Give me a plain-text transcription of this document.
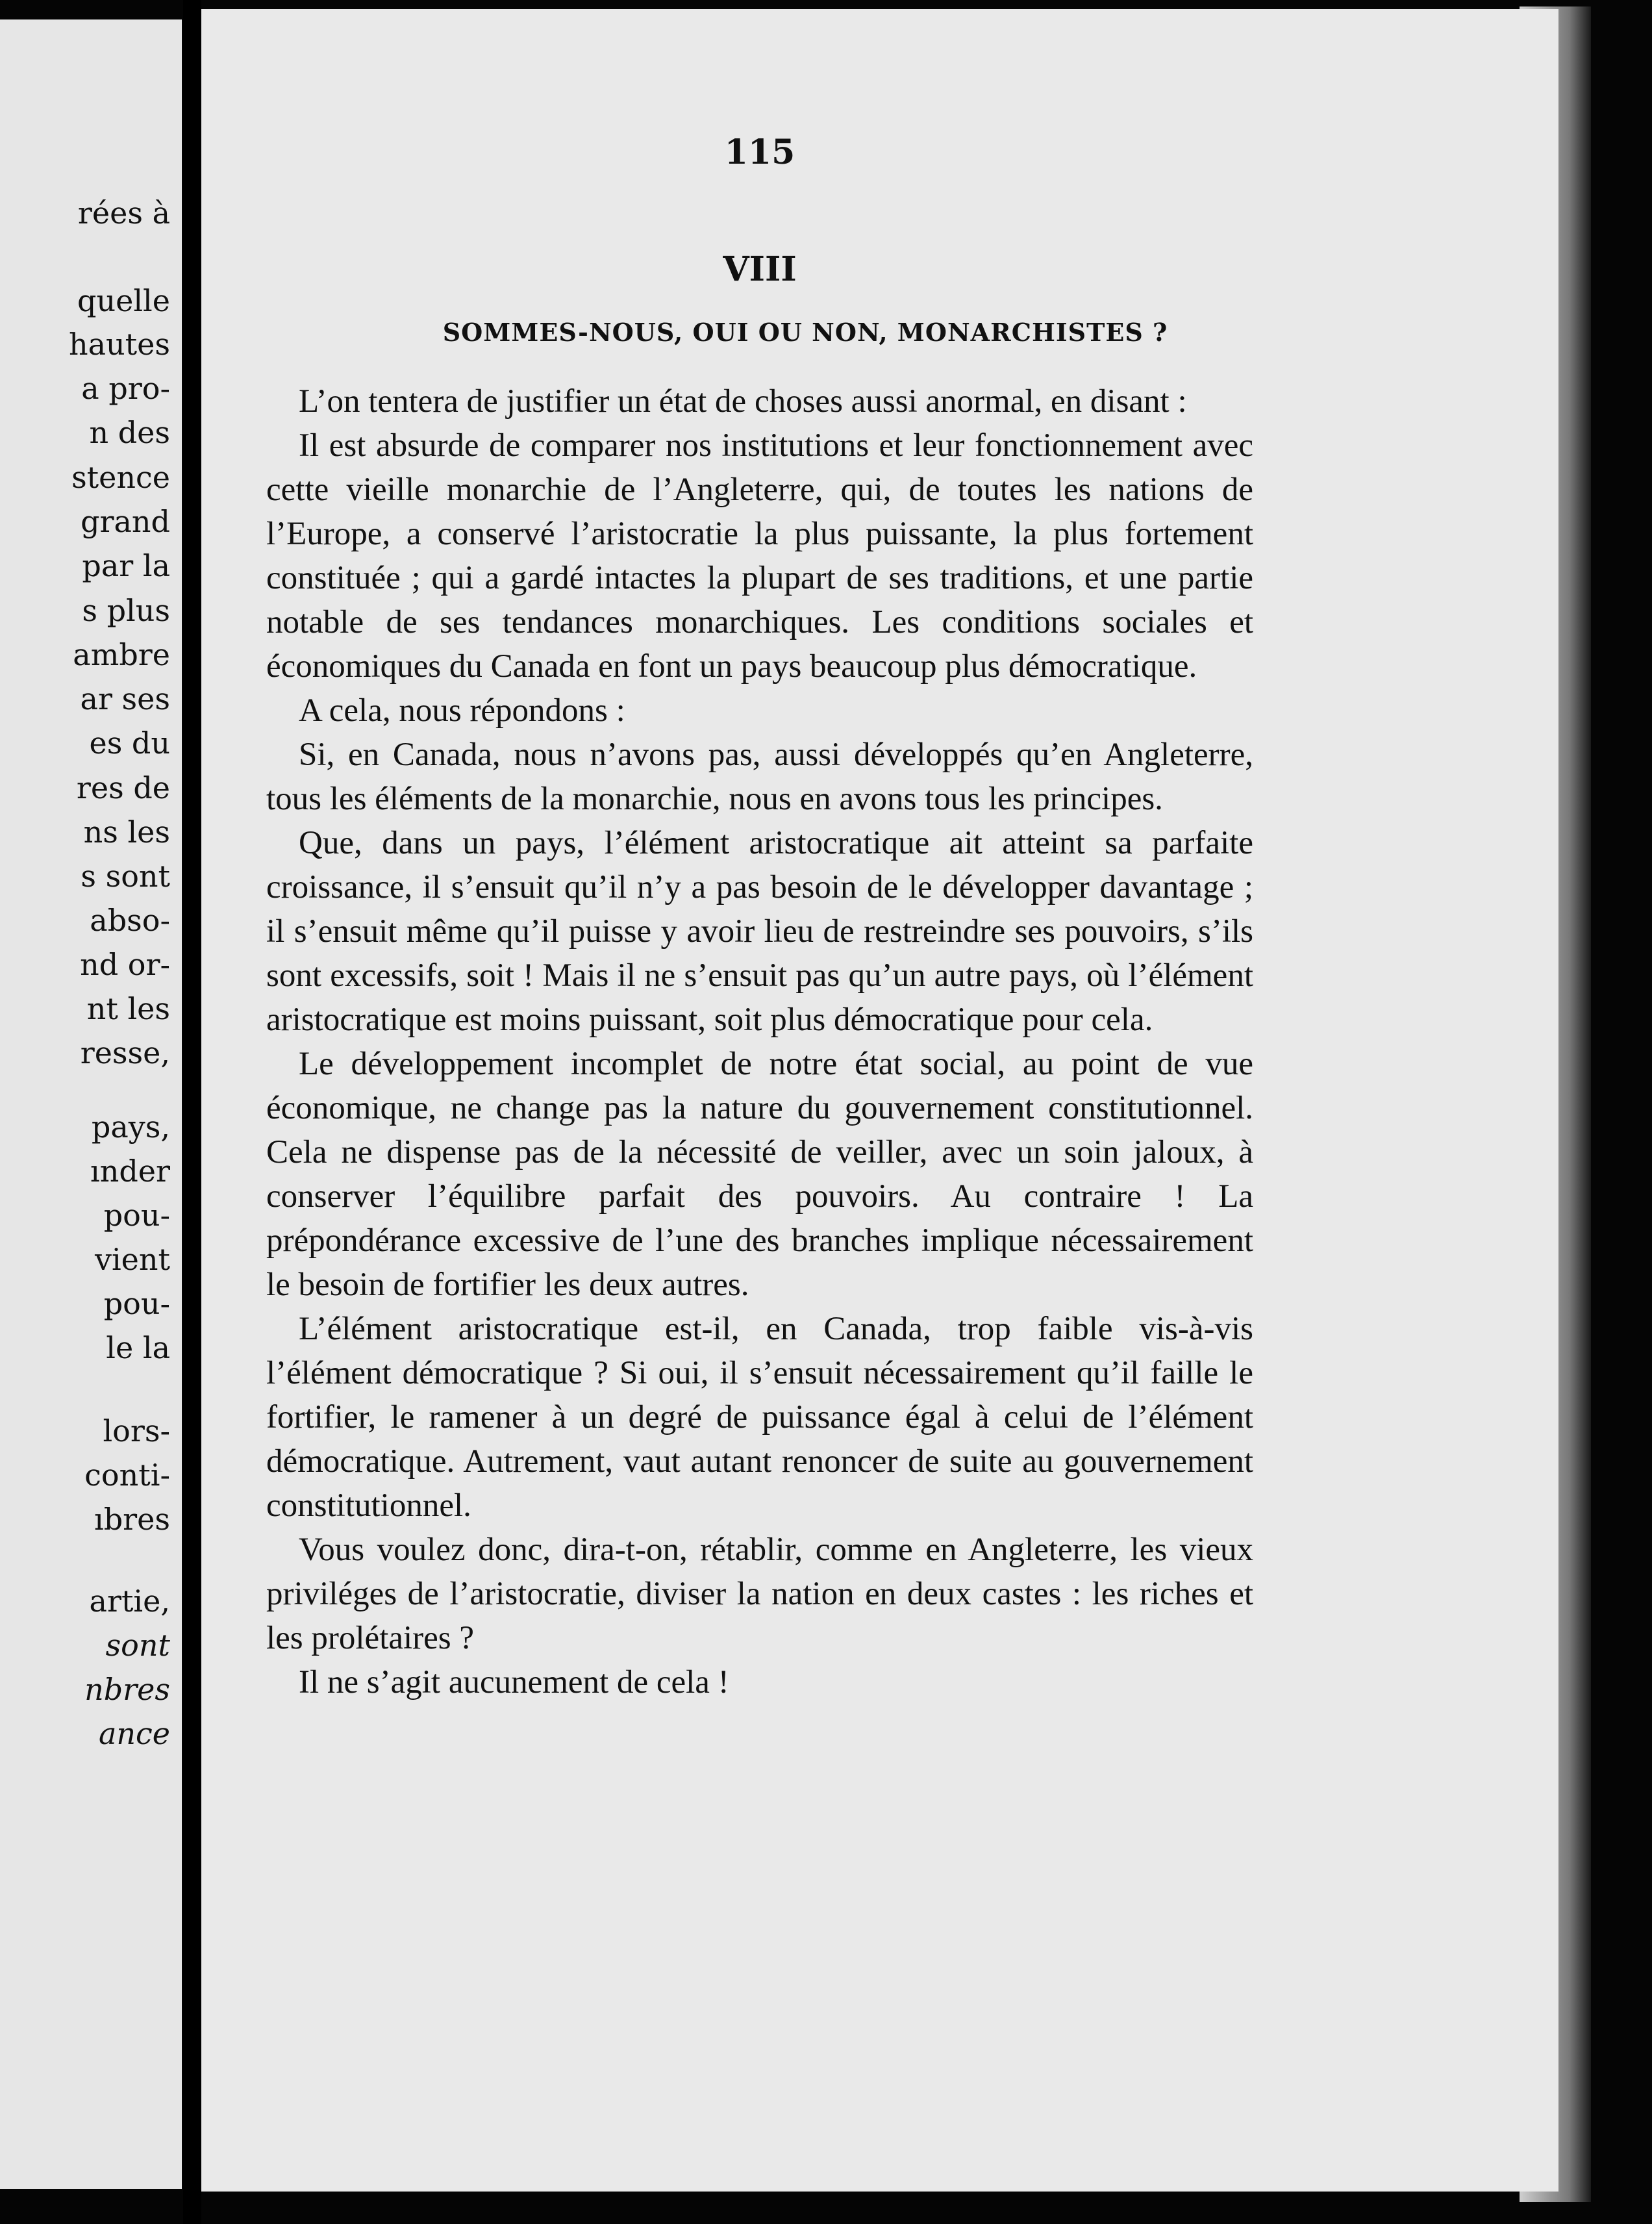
rées à
quelle
hautes
a pro-
n des
stence
grand
par la
s plus
ambre
ar ses
es du
res de
ns les
s sont
abso-
nd or-
nt les
resse,
pays,
ınder
pou-
vient
pou-
le la
lors-
conti-
ıbres
artie,
sont
nbres
ance
115
VIII
SOMMES-NOUS, OUI OU NON, MONARCHISTES ?

L’on tentera de justifier un état de choses aussi anormal, en disant :

Il est absurde de comparer nos institutions et leur fonctionnement avec cette vieille monarchie de l’Angleterre, qui, de toutes les nations de l’Europe, a conservé l’aristocratie la plus puissante, la plus fortement constituée ; qui a gardé intactes la plupart de ses traditions, et une partie notable de ses tendances monarchiques. Les conditions sociales et économiques du Canada en font un pays beaucoup plus démocratique.

A cela, nous répondons :

Si, en Canada, nous n’avons pas, aussi développés qu’en Angleterre, tous les éléments de la monarchie, nous en avons tous les principes.

Que, dans un pays, l’élément aristocratique ait atteint sa parfaite croissance, il s’ensuit qu’il n’y a pas besoin de le développer davantage ; il s’ensuit même qu’il puisse y avoir lieu de restreindre ses pouvoirs, s’ils sont excessifs, soit ! Mais il ne s’ensuit pas qu’un autre pays, où l’élément aristocratique est moins puissant, soit plus démocratique pour cela.

Le développement incomplet de notre état social, au point de vue économique, ne change pas la nature du gouvernement constitutionnel. Cela ne dispense pas de la nécessité de veiller, avec un soin jaloux, à conserver l’équilibre parfait des pouvoirs. Au contraire ! La prépondérance excessive de l’une des branches implique nécessairement le besoin de fortifier les deux autres.

L’élément aristocratique est-il, en Canada, trop faible vis-à-vis l’élément démocratique ? Si oui, il s’ensuit nécessairement qu’il faille le fortifier, le ramener à un degré de puissance égal à celui de l’élément démocratique. Autrement, vaut autant renoncer de suite au gouvernement constitutionnel.

Vous voulez donc, dira-t-on, rétablir, comme en Angleterre, les vieux priviléges de l’aristocratie, diviser la nation en deux castes : les riches et les prolétaires ?

Il ne s’agit aucunement de cela !
